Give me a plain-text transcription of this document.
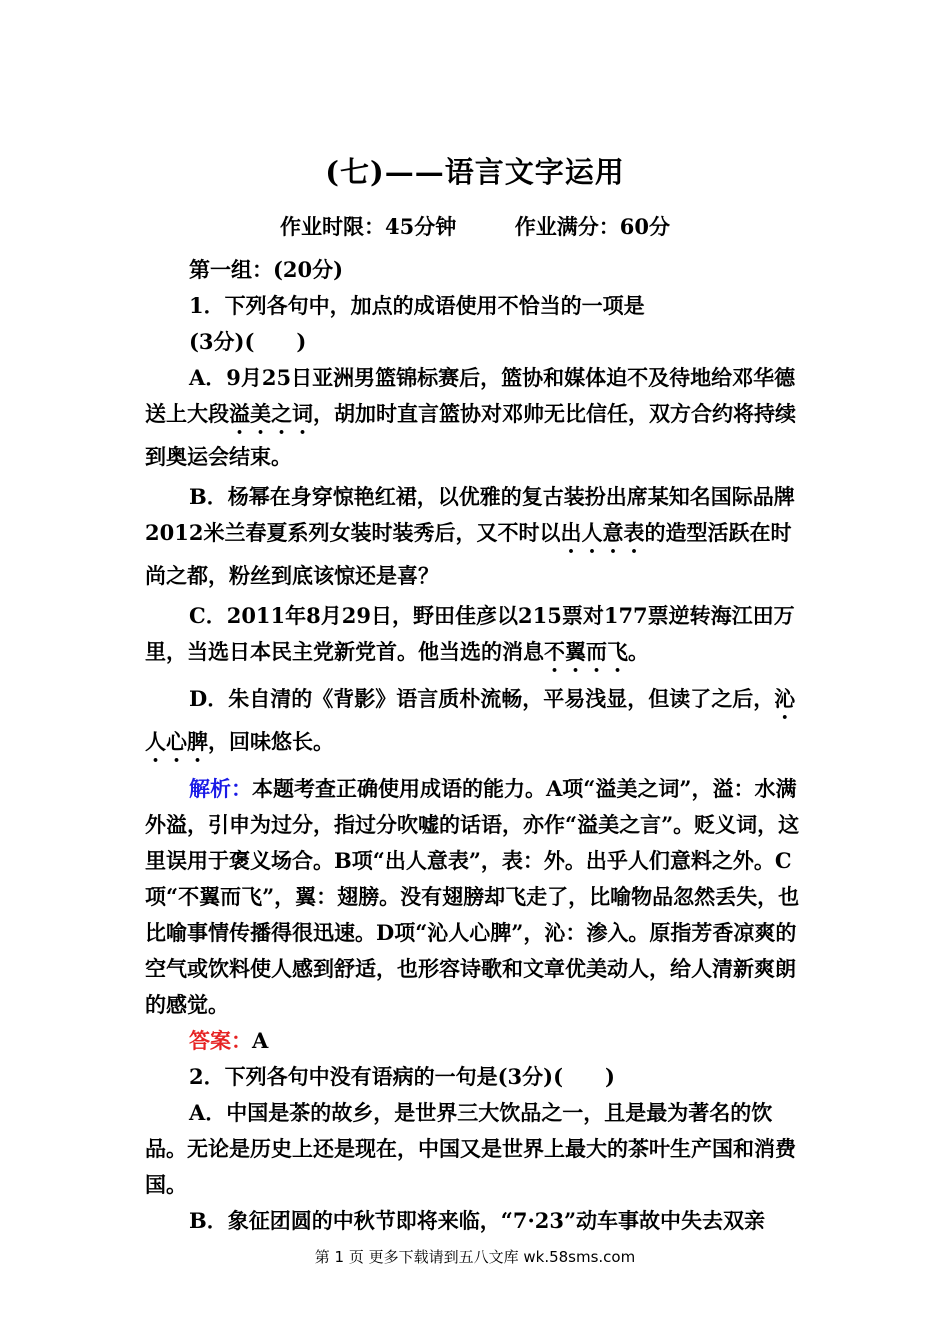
(七)——语言文字运用
作业时限：45分钟	作业满分：60分

第一组：(20分)

1．下列各句中，加点的成语使用不恰当的一项是

(3分)(　　)

A．9月25日亚洲男篮锦标赛后，篮协和媒体迫不及待地给邓华德送上大段溢美之词，胡加时直言篮协对邓帅无比信任，双方合约将持续到奥运会结束。

B．杨幂在身穿惊艳红裙，以优雅的复古装扮出席某知名国际品牌2012米兰春夏系列女装时装秀后，又不时以出人意表的造型活跃在时尚之都，粉丝到底该惊还是喜？

C．2011年8月29日，野田佳彦以215票对177票逆转海江田万里，当选日本民主党新党首。他当选的消息不翼而飞。

D．朱自清的《背影》语言质朴流畅，平易浅显，但读了之后，沁人心脾，回味悠长。

解析：本题考查正确使用成语的能力。A项“溢美之词”，溢：水满外溢，引申为过分，指过分吹嘘的话语，亦作“溢美之言”。贬义词，这里误用于褒义场合。B项“出人意表”，表：外。出乎人们意料之外。C项“不翼而飞”，翼：翅膀。没有翅膀却飞走了，比喻物品忽然丢失，也比喻事情传播得很迅速。D项“沁人心脾”，沁：渗入。原指芳香凉爽的空气或饮料使人感到舒适，也形容诗歌和文章优美动人，给人清新爽朗的感觉。

答案：A

2．下列各句中没有语病的一句是(3分)(　　)

A．中国是茶的故乡，是世界三大饮品之一，且是最为著名的饮品。无论是历史上还是现在，中国又是世界上最大的茶叶生产国和消费国。

B．象征团圆的中秋节即将来临，“7·23”动车事故中失去双亲

第 1 页 更多下载请到五八文库 wk.58sms.com
